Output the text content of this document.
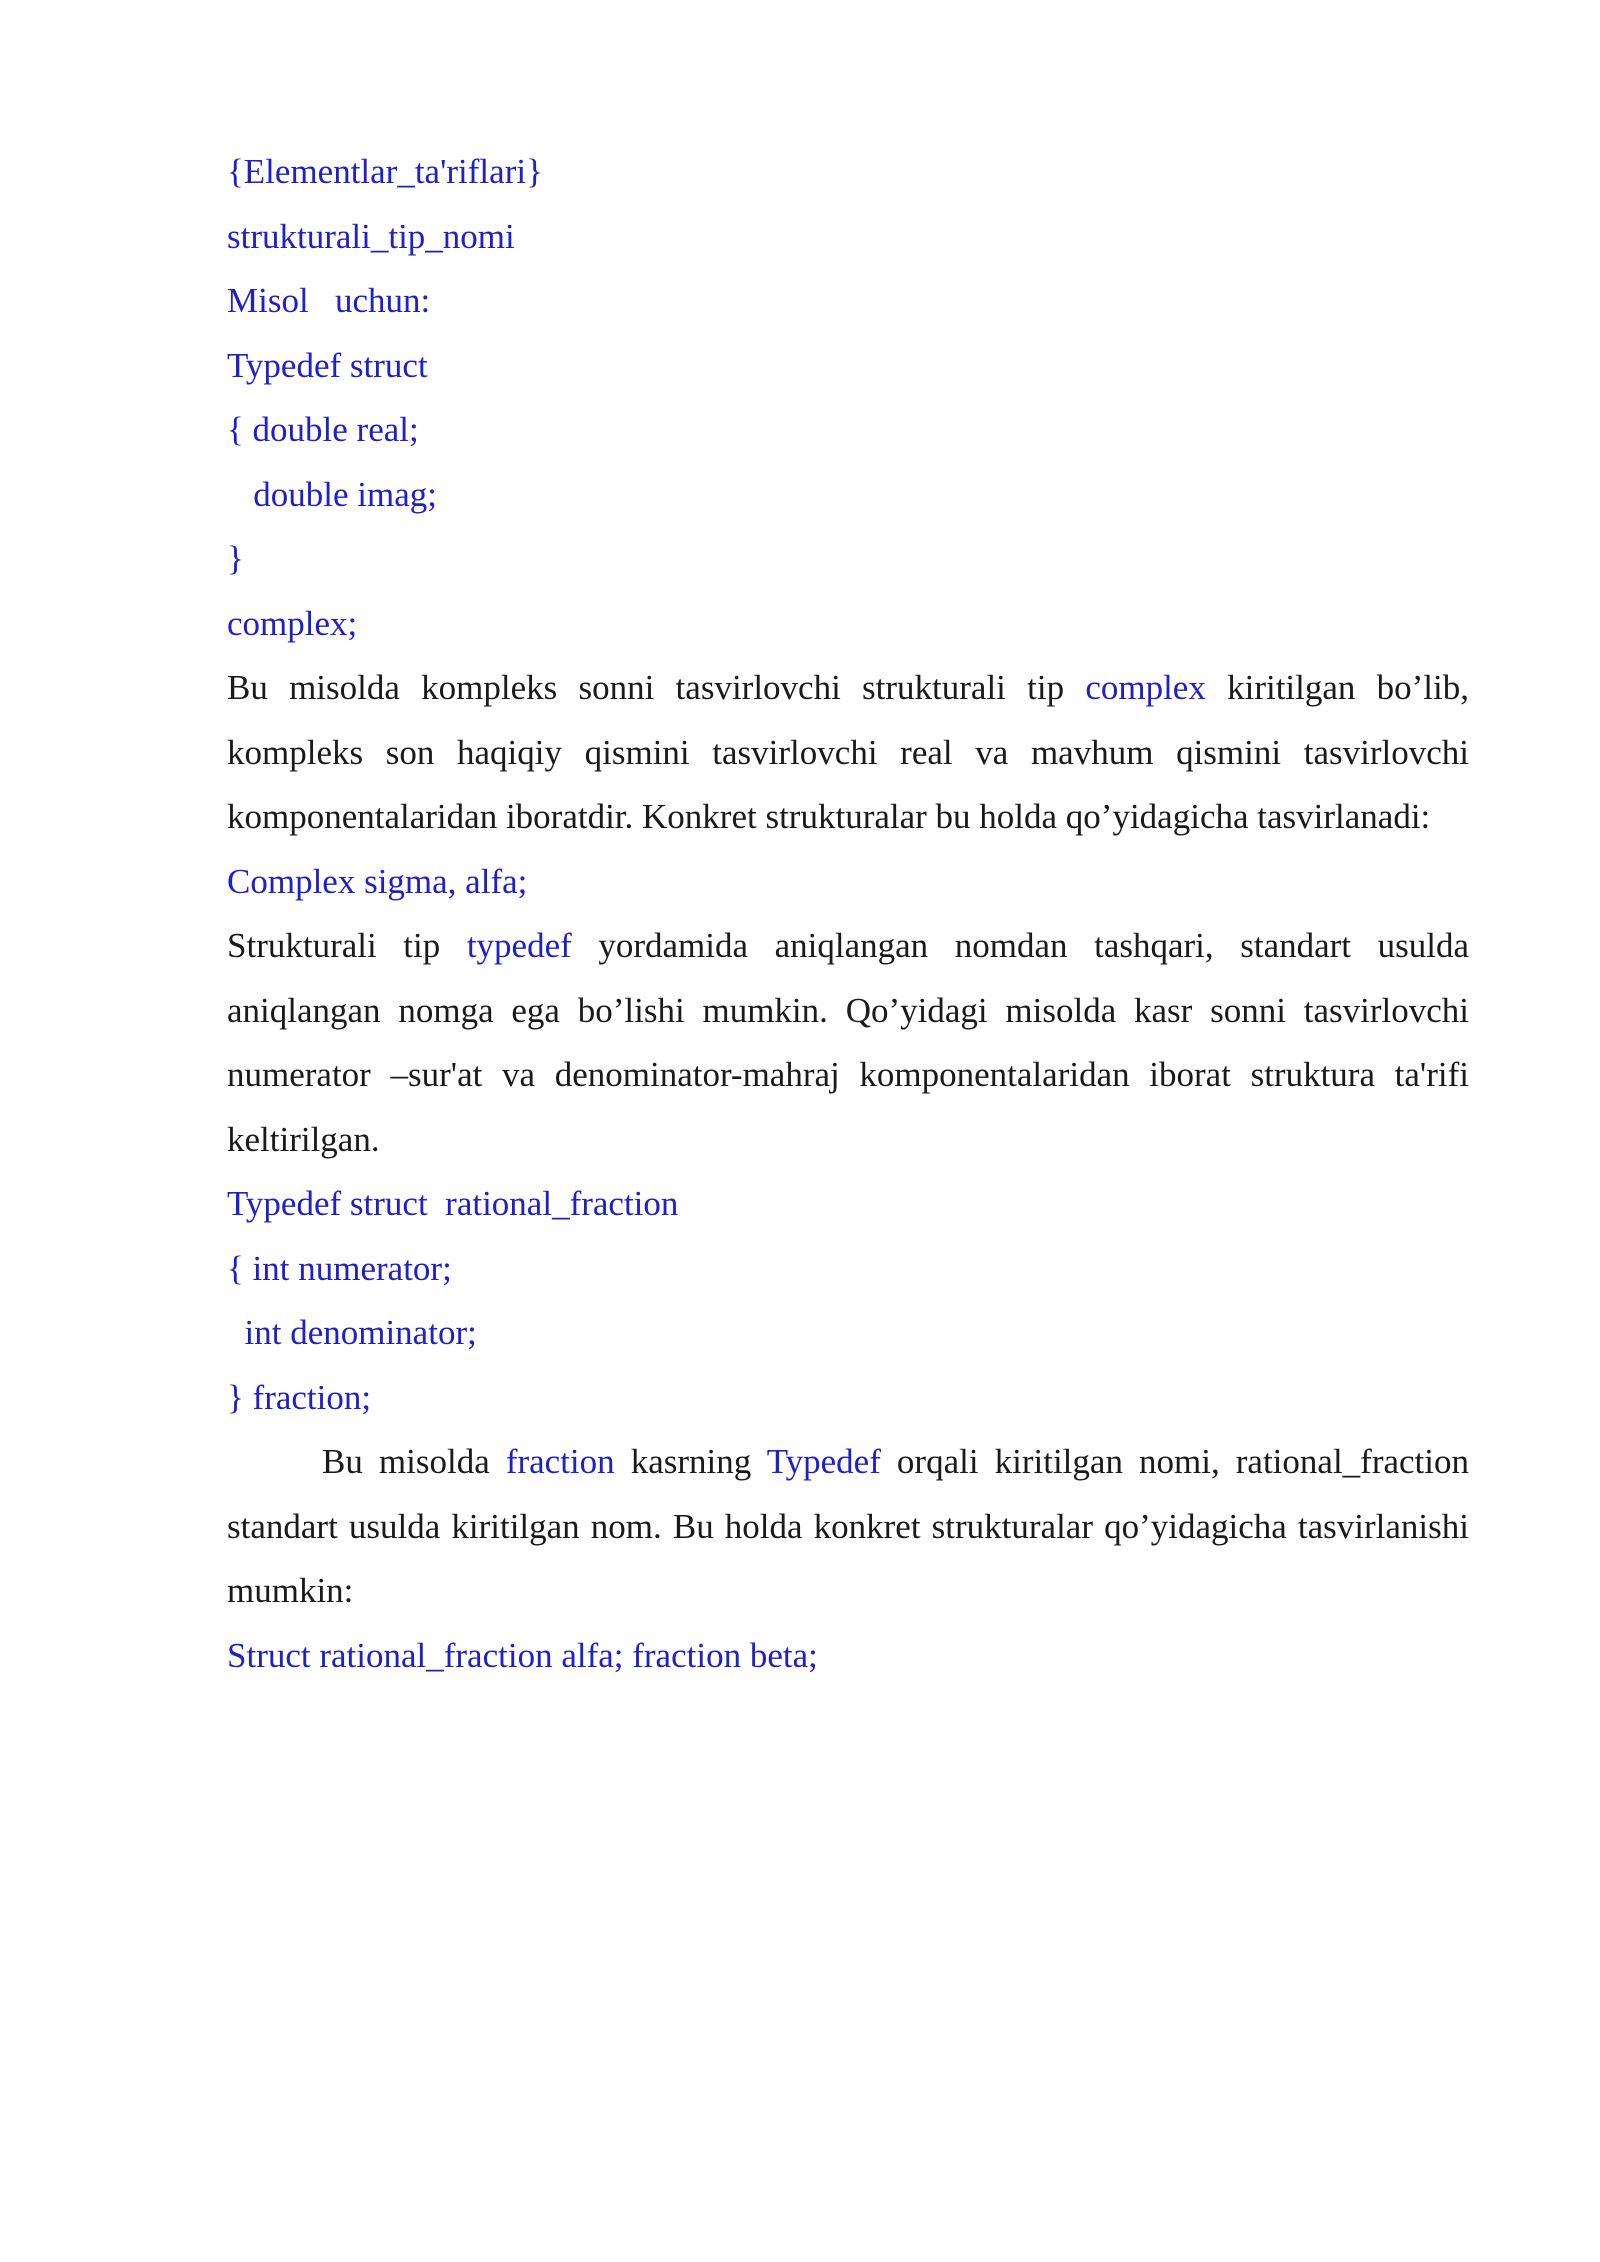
{Elementlar_ta'riflari}
strukturali_tip_nomi
Misol   uchun:
Typedef struct
{ double real;
double imag;
}
complex;

Bu misolda kompleks sonni tasvirlovchi strukturali tip complex kiritilgan bo’lib, kompleks son haqiqiy qismini tasvirlovchi real va mavhum qismini tasvirlovchi komponentalaridan iboratdir. Konkret strukturalar bu holda qo’yidagicha tasvirlanadi:

Complex sigma, alfa;

Strukturali tip typedef yordamida aniqlangan nomdan tashqari, standart usulda aniqlangan nomga ega bo’lishi mumkin. Qo’yidagi misolda kasr sonni tasvirlovchi numerator –sur'at va denominator-mahraj komponentalaridan iborat struktura ta'rifi keltirilgan.

Typedef struct  rational_fraction
{ int numerator;
int denominator;
} fraction;

Bu misolda fraction kasrning Typedef orqali kiritilgan nomi, rational_fraction standart usulda kiritilgan nom. Bu holda konkret strukturalar qo’yidagicha tasvirlanishi mumkin:

Struct rational_fraction alfa; fraction beta;
